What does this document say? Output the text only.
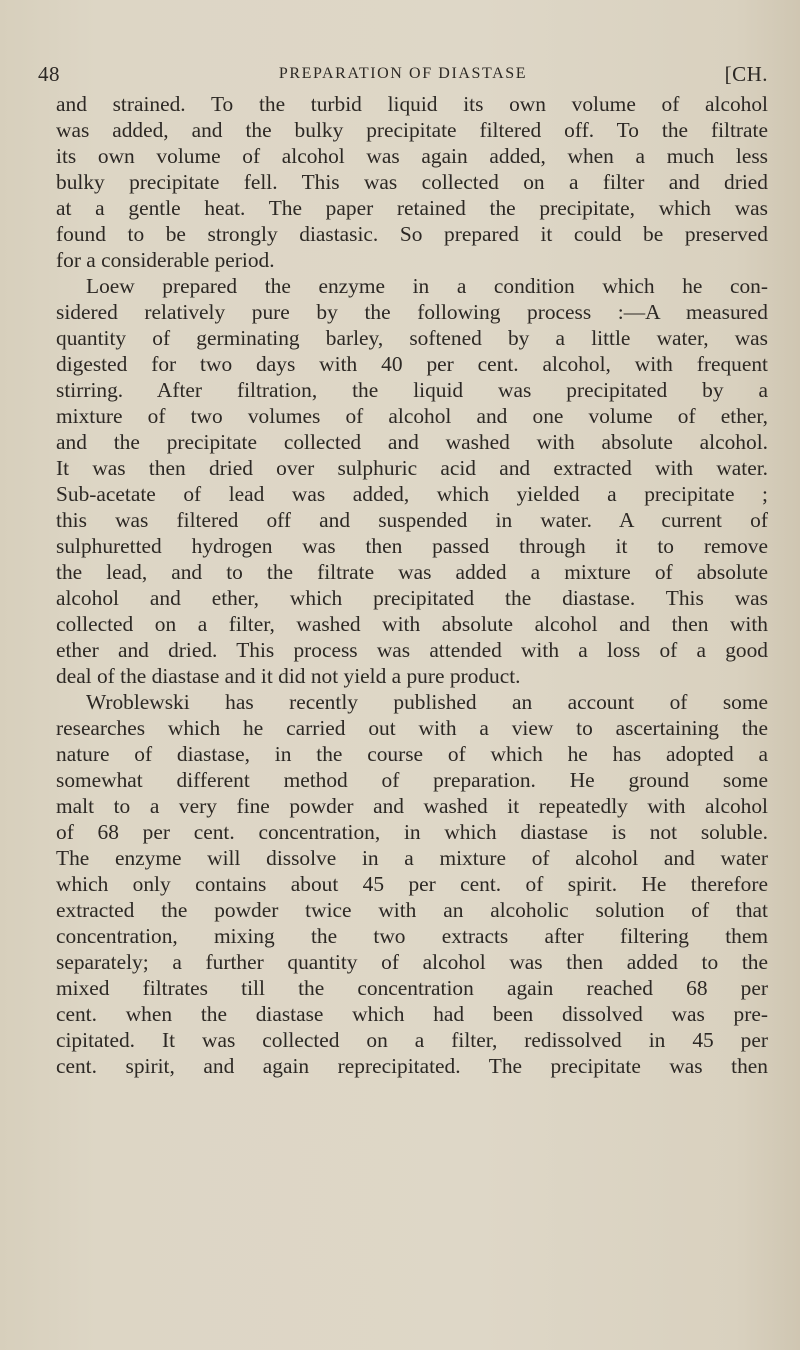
48	PREPARATION OF DIASTASE	[CH.
and strained. To the turbid liquid its own volume of alcohol
was added, and the bulky precipitate filtered off. To the filtrate
its own volume of alcohol was again added, when a much less
bulky precipitate fell. This was collected on a filter and dried
at a gentle heat. The paper retained the precipitate, which was
found to be strongly diastasic. So prepared it could be preserved
for a considerable period.
Loew prepared the enzyme in a condition which he con-
sidered relatively pure by the following process :—A measured
quantity of germinating barley, softened by a little water, was
digested for two days with 40 per cent. alcohol, with frequent
stirring. After filtration, the liquid was precipitated by a
mixture of two volumes of alcohol and one volume of ether,
and the precipitate collected and washed with absolute alcohol.
It was then dried over sulphuric acid and extracted with water.
Sub-acetate of lead was added, which yielded a precipitate ;
this was filtered off and suspended in water. A current of
sulphuretted hydrogen was then passed through it to remove
the lead, and to the filtrate was added a mixture of absolute
alcohol and ether, which precipitated the diastase. This was
collected on a filter, washed with absolute alcohol and then with
ether and dried. This process was attended with a loss of a good
deal of the diastase and it did not yield a pure product.
Wroblewski has recently published an account of some
researches which he carried out with a view to ascertaining the
nature of diastase, in the course of which he has adopted a
somewhat different method of preparation. He ground some
malt to a very fine powder and washed it repeatedly with alcohol
of 68 per cent. concentration, in which diastase is not soluble.
The enzyme will dissolve in a mixture of alcohol and water
which only contains about 45 per cent. of spirit. He therefore
extracted the powder twice with an alcoholic solution of that
concentration, mixing the two extracts after filtering them
separately; a further quantity of alcohol was then added to the
mixed filtrates till the concentration again reached 68 per
cent. when the diastase which had been dissolved was pre-
cipitated. It was collected on a filter, redissolved in 45 per
cent. spirit, and again reprecipitated. The precipitate was then
